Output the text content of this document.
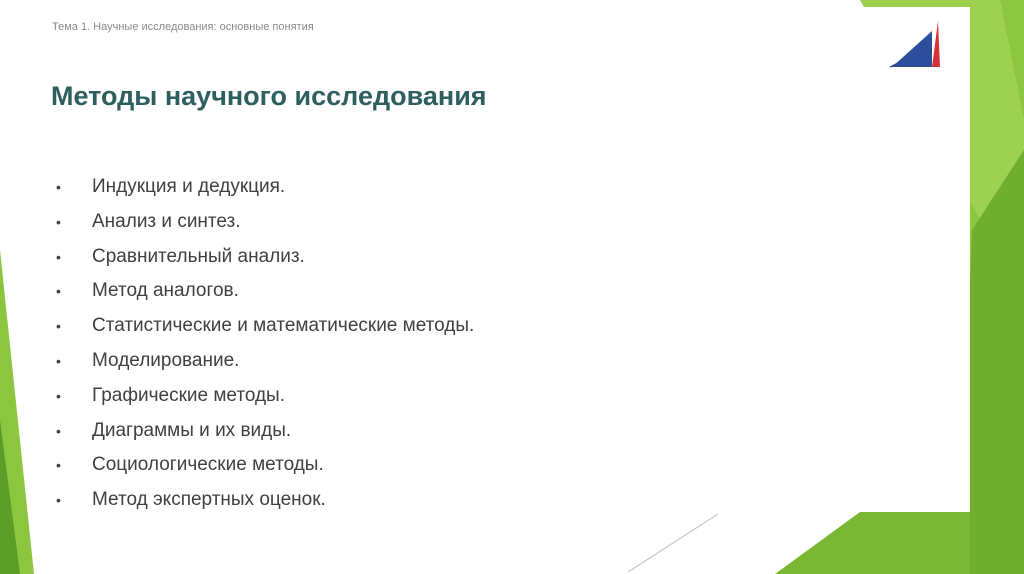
Тема 1. Научные исследования: основные понятия

Методы научного исследования
• Индукция и дедукция.
• Анализ и синтез.
• Сравнительный анализ.
• Метод аналогов.
• Статистические и математические методы.
• Моделирование.
• Графические методы.
• Диаграммы и их виды.
• Социологические методы.
• Метод экспертных оценок.
